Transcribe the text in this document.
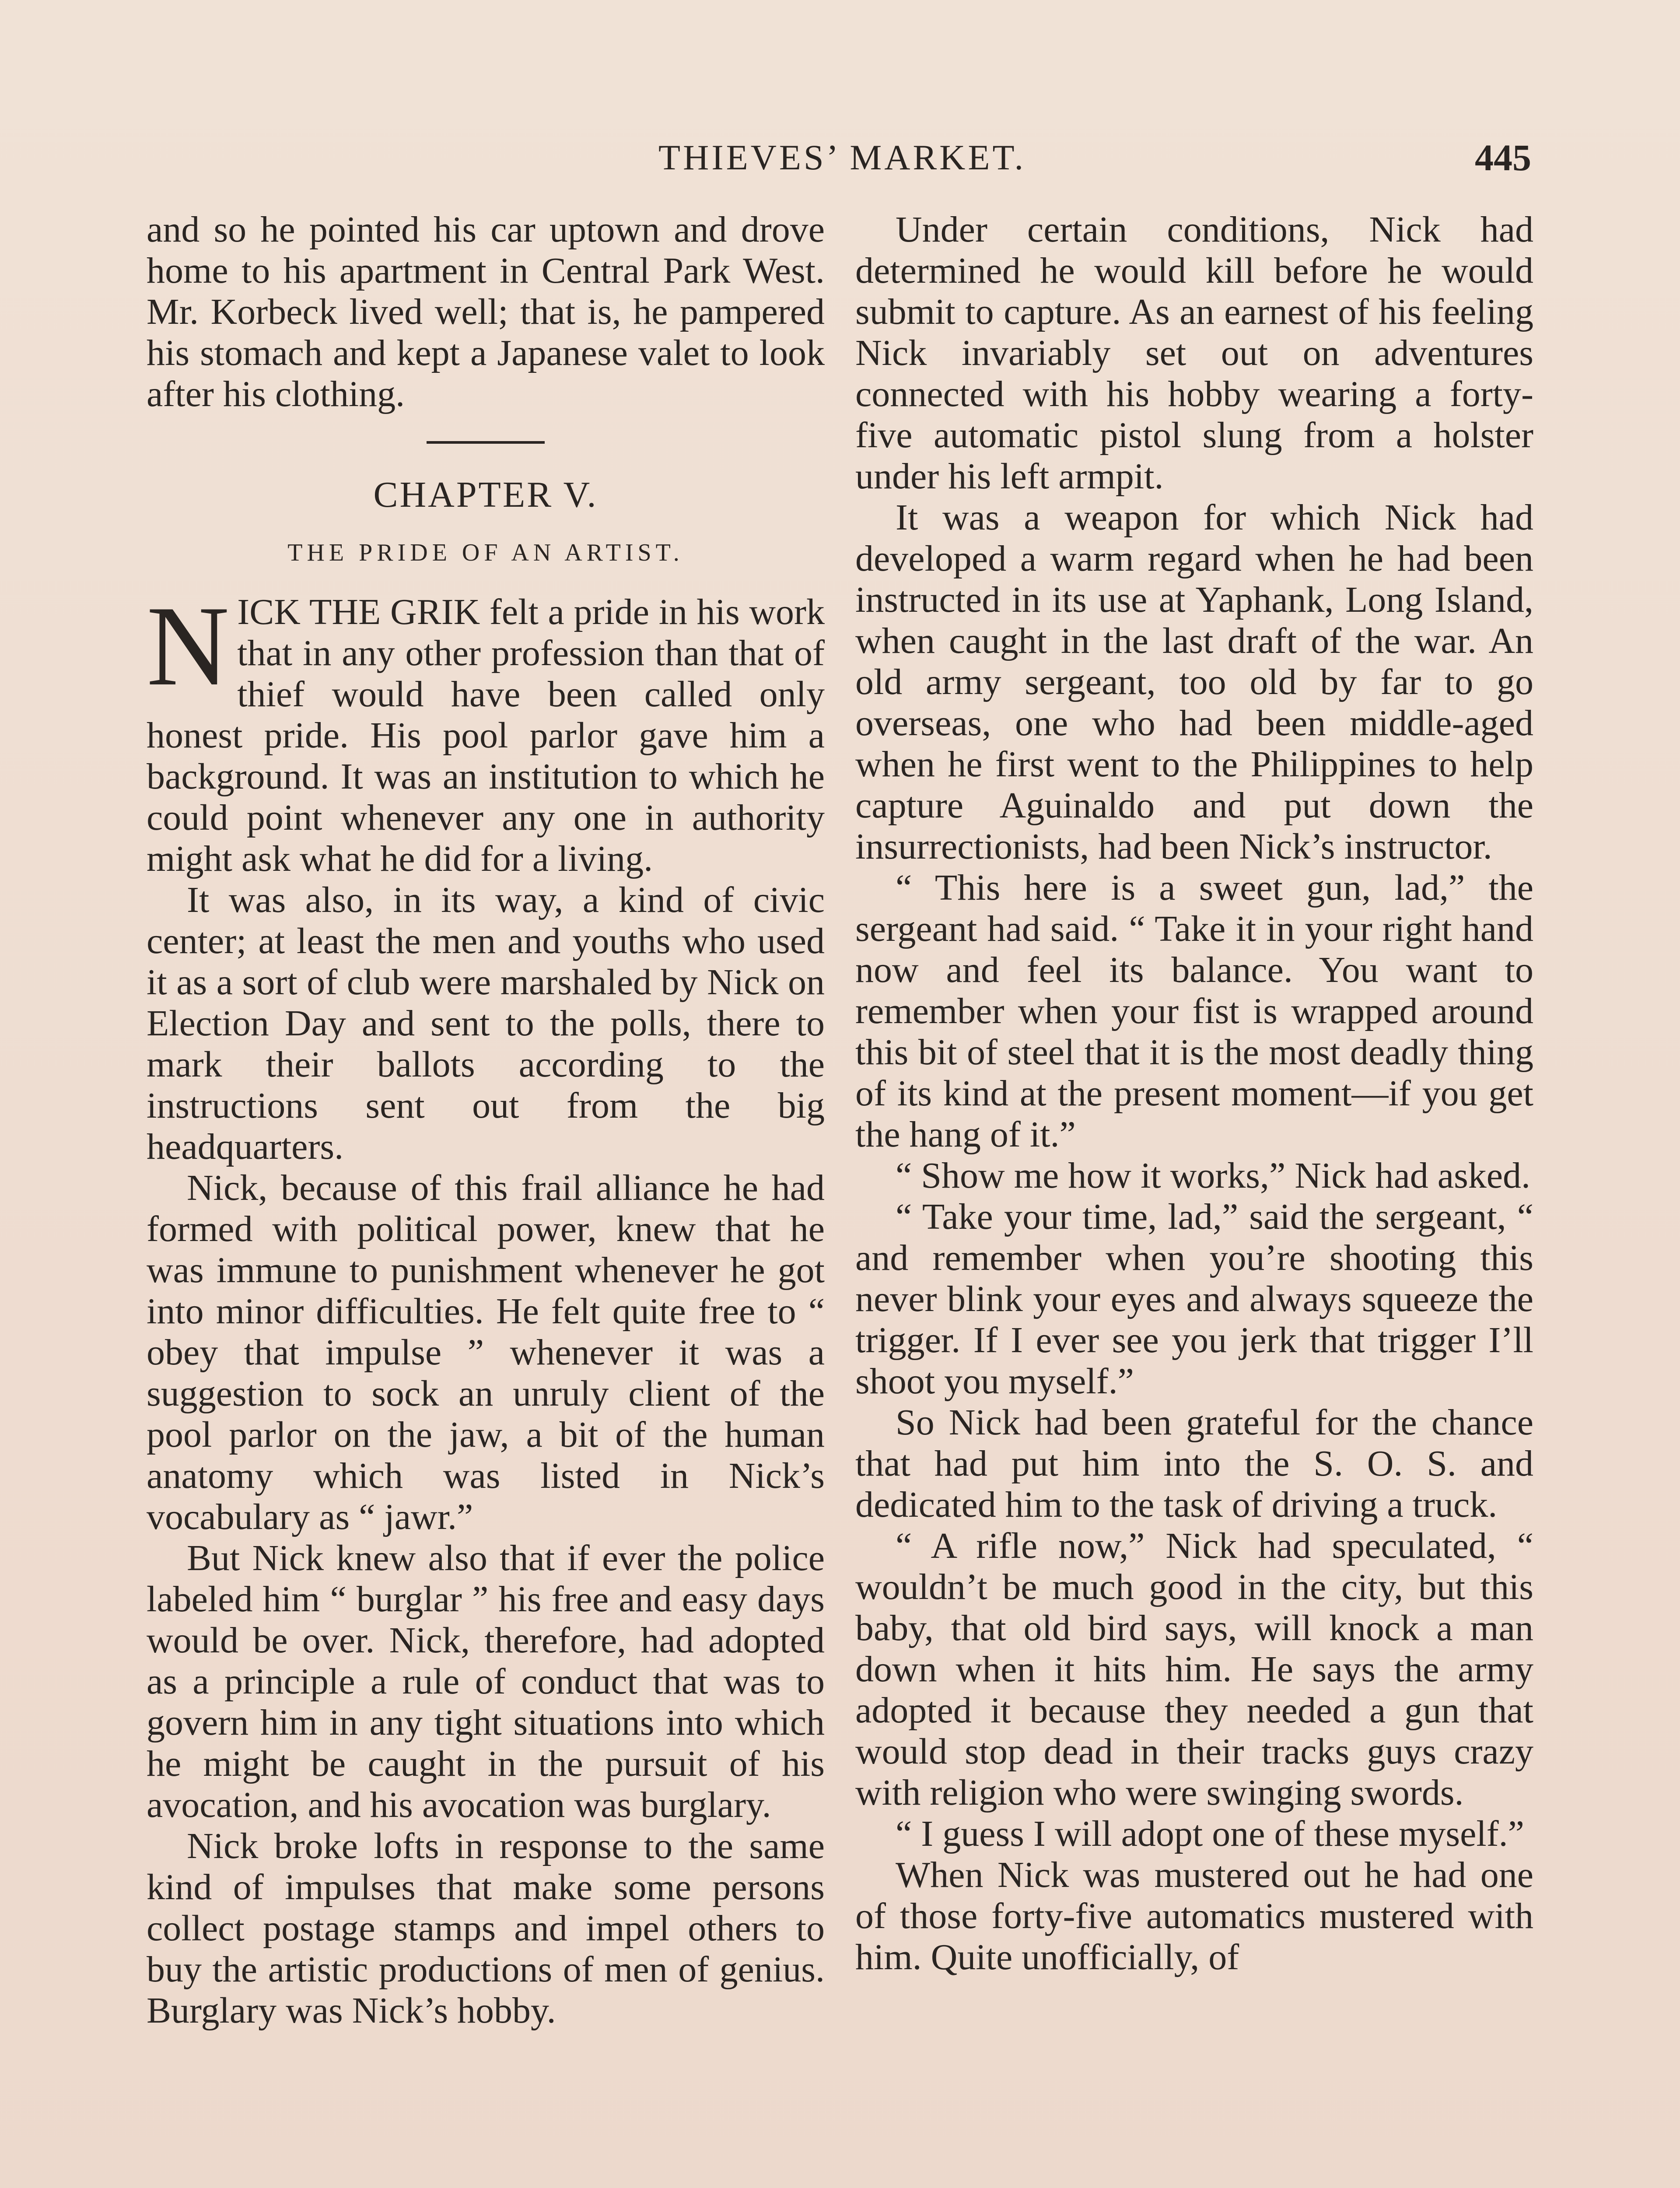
THIEVES’ MARKET.	445

and so he pointed his car uptown and drove home to his apartment in Central Park West. Mr. Korbeck lived well; that is, he pampered his stomach and kept a Japanese valet to look after his clothing.

CHAPTER V.
THE PRIDE OF AN ARTIST.

NICK THE GRIK felt a pride in his work that in any other profession than that of thief would have been called only honest pride. His pool parlor gave him a background. It was an institution to which he could point whenever any one in authority might ask what he did for a living.

It was also, in its way, a kind of civic center; at least the men and youths who used it as a sort of club were marshaled by Nick on Election Day and sent to the polls, there to mark their ballots according to the instructions sent out from the big headquarters.

Nick, because of this frail alliance he had formed with political power, knew that he was immune to punishment whenever he got into minor difficulties. He felt quite free to “ obey that impulse ” whenever it was a suggestion to sock an unruly client of the pool parlor on the jaw, a bit of the human anatomy which was listed in Nick’s vocabulary as “ jawr.”

But Nick knew also that if ever the police labeled him “ burglar ” his free and easy days would be over. Nick, therefore, had adopted as a principle a rule of conduct that was to govern him in any tight situations into which he might be caught in the pursuit of his avocation, and his avocation was burglary.

Nick broke lofts in response to the same kind of impulses that make some persons collect postage stamps and impel others to buy the artistic productions of men of genius. Burglary was Nick’s hobby.

Under certain conditions, Nick had determined he would kill before he would submit to capture. As an earnest of his feeling Nick invariably set out on adventures connected with his hobby wearing a forty-five automatic pistol slung from a holster under his left armpit.

It was a weapon for which Nick had developed a warm regard when he had been instructed in its use at Yaphank, Long Island, when caught in the last draft of the war. An old army sergeant, too old by far to go overseas, one who had been middle-aged when he first went to the Philippines to help capture Aguinaldo and put down the insurrectionists, had been Nick’s instructor.

“ This here is a sweet gun, lad,” the sergeant had said. “ Take it in your right hand now and feel its balance. You want to remember when your fist is wrapped around this bit of steel that it is the most deadly thing of its kind at the present moment—if you get the hang of it.”

“ Show me how it works,” Nick had asked.

“ Take your time, lad,” said the sergeant, “ and remember when you’re shooting this never blink your eyes and always squeeze the trigger. If I ever see you jerk that trigger I’ll shoot you myself.”

So Nick had been grateful for the chance that had put him into the S. O. S. and dedicated him to the task of driving a truck.

“ A rifle now,” Nick had speculated, “ wouldn’t be much good in the city, but this baby, that old bird says, will knock a man down when it hits him. He says the army adopted it because they needed a gun that would stop dead in their tracks guys crazy with religion who were swinging swords.

“ I guess I will adopt one of these myself.”

When Nick was mustered out he had one of those forty-five automatics mustered with him. Quite unofficially, of
